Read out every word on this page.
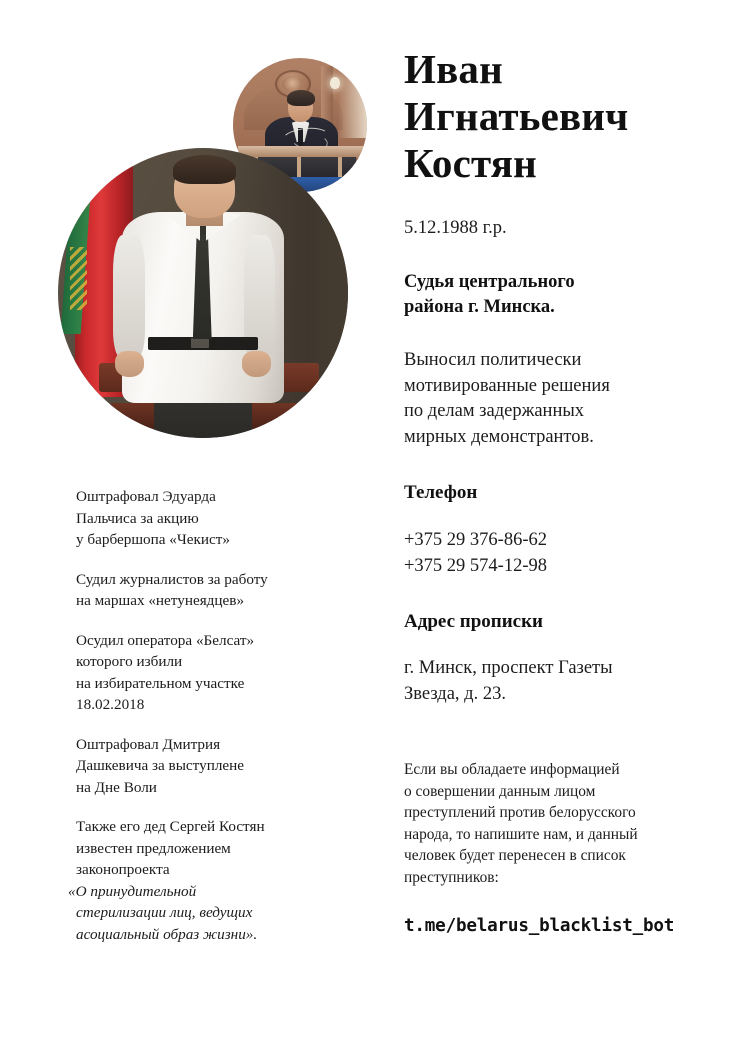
Оштрафовал Эдуарда
Пальчиса за акцию
у барбершопа «Чекист»
Судил журналистов за работу
на маршах «нетунеядцев»
Осудил оператора «Белсат»
которого избили
на избирательном участке
18.02.2018
Оштрафовал Дмитрия
Дашкевича за выступлене
на Дне Воли
Также его дед Сергей Костян
известен предложением
законопроекта
«О принудительной
стерилизации лиц, ведущих
асоциальный образ жизни».
Иван
Игнатьевич
Костян
5.12.1988 г.р.
Судья центрального
района г. Минска.
Выносил политически
мотивированные решения
по делам задержанных
мирных демонстрантов.
Телефон
+375 29 376-86-62
+375 29 574-12-98
Адрес прописки
г. Минск, проспект Газеты
Звезда, д. 23.
Если вы обладаете информацией
о совершении данным лицом
преступлений против белорусского
народа, то напишите нам, и данный
человек будет перенесен в список
преступников:
t.me/belarus_blacklist_bot
